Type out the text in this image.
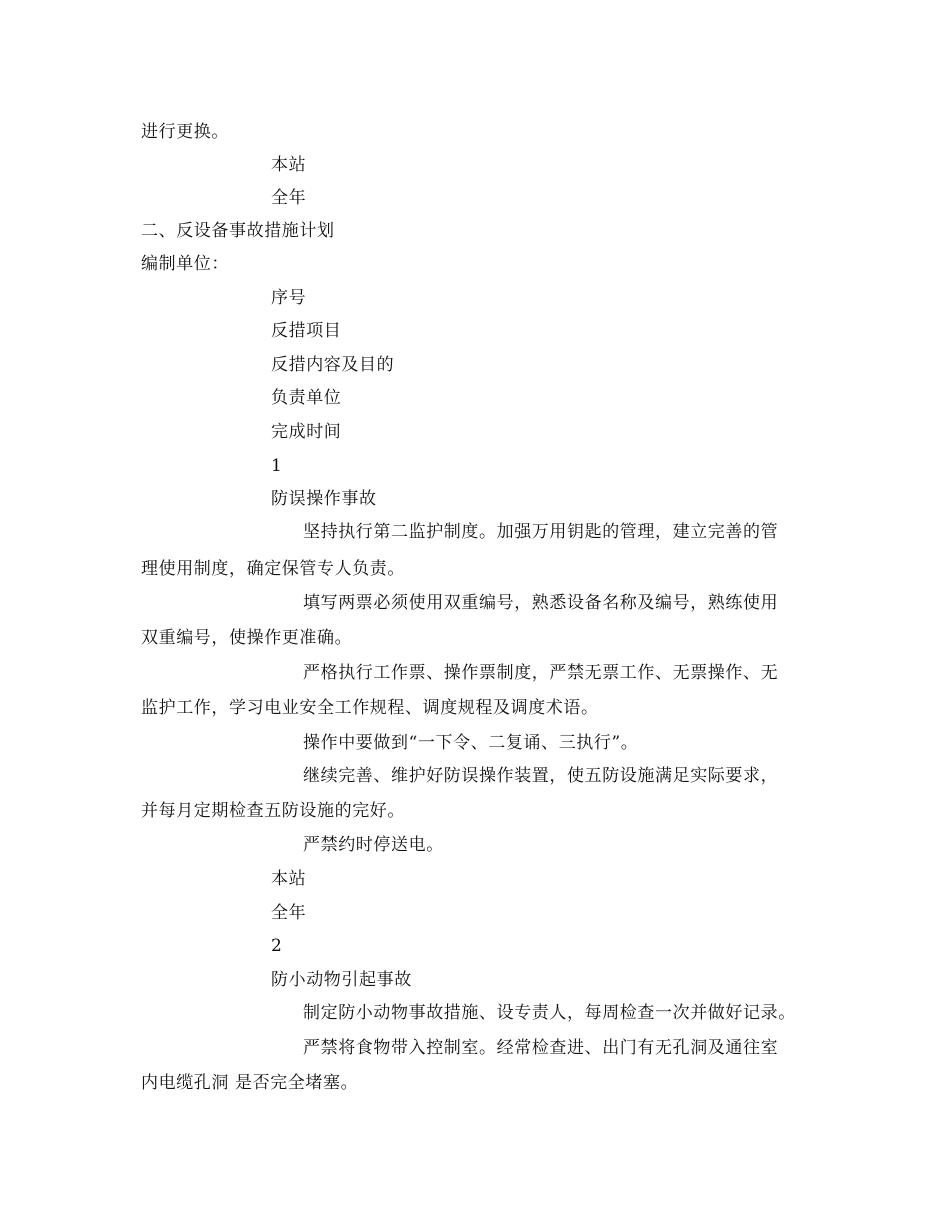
进行更换。
本站
全年
二、反设备事故措施计划
编制单位：
序号
反措项目
反措内容及目的
负责单位
完成时间
1
防误操作事故
坚持执行第二监护制度。加强万用钥匙的管理，建立完善的管
理使用制度，确定保管专人负责。
填写两票必须使用双重编号，熟悉设备名称及编号，熟练使用
双重编号，使操作更准确。
严格执行工作票、操作票制度，严禁无票工作、无票操作、无
监护工作，学习电业安全工作规程、调度规程及调度术语。
操作中要做到“一下令、二复诵、三执行”。
继续完善、维护好防误操作装置，使五防设施满足实际要求，
并每月定期检查五防设施的完好。
严禁约时停送电。
本站
全年
2
防小动物引起事故
制定防小动物事故措施、设专责人，每周检查一次并做好记录。
严禁将食物带入控制室。经常检查进、出门有无孔洞及通往室
内电缆孔洞 是否完全堵塞。
